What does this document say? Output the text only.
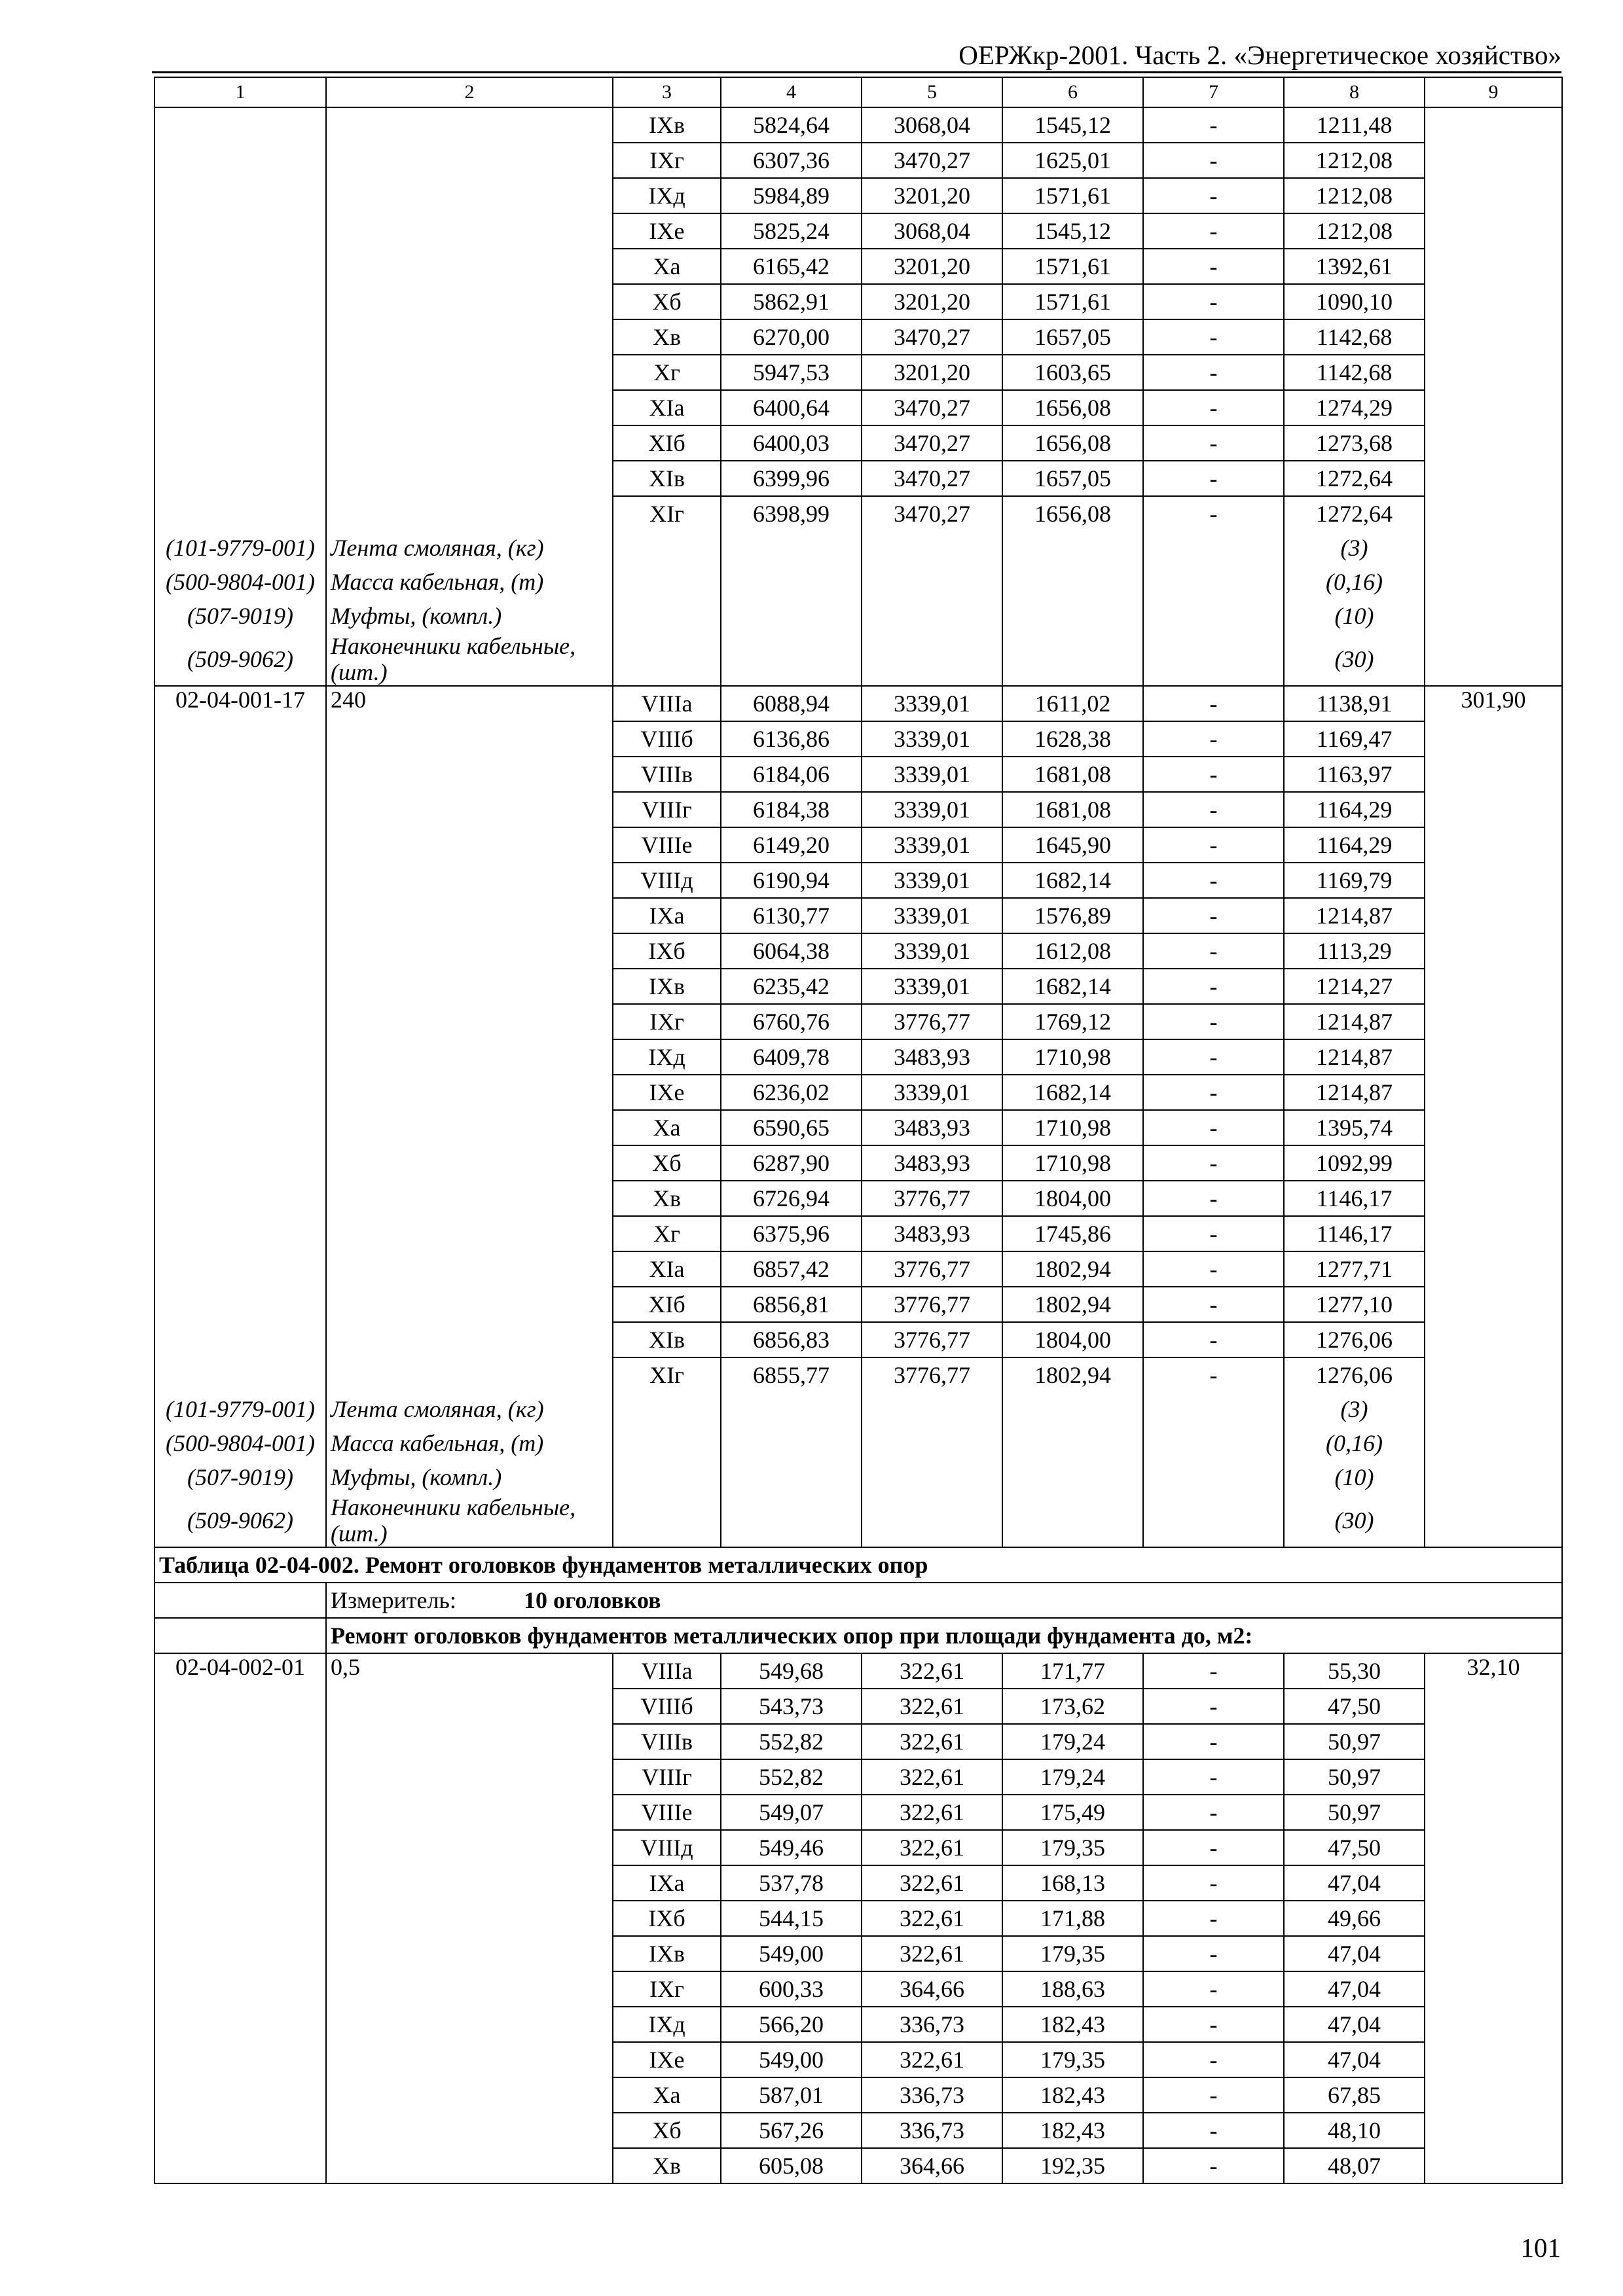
ОЕРЖкр-2001. Часть 2. «Энергетическое хозяйство»
1	2	3	4	5	6	7	8	9
		IXв	5824,64	3068,04	1545,12	-	1211,48	
		IXг	6307,36	3470,27	1625,01	-	1212,08	
		IXд	5984,89	3201,20	1571,61	-	1212,08	
		IXe	5825,24	3068,04	1545,12	-	1212,08	
		Xa	6165,42	3201,20	1571,61	-	1392,61	
		Xб	5862,91	3201,20	1571,61	-	1090,10	
		Xв	6270,00	3470,27	1657,05	-	1142,68	
		Xг	5947,53	3201,20	1603,65	-	1142,68	
		XIa	6400,64	3470,27	1656,08	-	1274,29	
		XIб	6400,03	3470,27	1656,08	-	1273,68	
		XIв	6399,96	3470,27	1657,05	-	1272,64	
		XIг	6398,99	3470,27	1656,08	-	1272,64	
(101-9779-001)	Лента смоляная, (кг)						(3)	
(500-9804-001)	Масса кабельная, (т)						(0,16)	
(507-9019)	Муфты, (компл.)						(10)	
(509-9062)	Наконечники кабельные, (шт.)						(30)	
02-04-001-17	240	VIIIa	6088,94	3339,01	1611,02	-	1138,91	301,90
		VIIIб	6136,86	3339,01	1628,38	-	1169,47	
		VIIIв	6184,06	3339,01	1681,08	-	1163,97	
		VIIIг	6184,38	3339,01	1681,08	-	1164,29	
		VIIIe	6149,20	3339,01	1645,90	-	1164,29	
		VIIIд	6190,94	3339,01	1682,14	-	1169,79	
		IXa	6130,77	3339,01	1576,89	-	1214,87	
		IXб	6064,38	3339,01	1612,08	-	1113,29	
		IXв	6235,42	3339,01	1682,14	-	1214,27	
		IXг	6760,76	3776,77	1769,12	-	1214,87	
		IXд	6409,78	3483,93	1710,98	-	1214,87	
		IXe	6236,02	3339,01	1682,14	-	1214,87	
		Xa	6590,65	3483,93	1710,98	-	1395,74	
		Xб	6287,90	3483,93	1710,98	-	1092,99	
		Xв	6726,94	3776,77	1804,00	-	1146,17	
		Xг	6375,96	3483,93	1745,86	-	1146,17	
		XIa	6857,42	3776,77	1802,94	-	1277,71	
		XIб	6856,81	3776,77	1802,94	-	1277,10	
		XIв	6856,83	3776,77	1804,00	-	1276,06	
		XIг	6855,77	3776,77	1802,94	-	1276,06	
(101-9779-001)	Лента смоляная, (кг)						(3)	
(500-9804-001)	Масса кабельная, (т)						(0,16)	
(507-9019)	Муфты, (компл.)						(10)	
(509-9062)	Наконечники кабельные, (шт.)						(30)	
Таблица 02-04-002. Ремонт оголовков фундаментов металлических опор								
	Измеритель: 10 оголовков							
	Ремонт оголовков фундаментов металлических опор при площади фундамента до, м2:							
02-04-002-01	0,5	VIIIa	549,68	322,61	171,77	-	55,30	32,10
		VIIIб	543,73	322,61	173,62	-	47,50	
		VIIIв	552,82	322,61	179,24	-	50,97	
		VIIIг	552,82	322,61	179,24	-	50,97	
		VIIIe	549,07	322,61	175,49	-	50,97	
		VIIIд	549,46	322,61	179,35	-	47,50	
		IXa	537,78	322,61	168,13	-	47,04	
		IXб	544,15	322,61	171,88	-	49,66	
		IXв	549,00	322,61	179,35	-	47,04	
		IXг	600,33	364,66	188,63	-	47,04	
		IXд	566,20	336,73	182,43	-	47,04	
		IXe	549,00	322,61	179,35	-	47,04	
		Xa	587,01	336,73	182,43	-	67,85	
		Xб	567,26	336,73	182,43	-	48,10	
		Xв	605,08	364,66	192,35	-	48,07	
101
